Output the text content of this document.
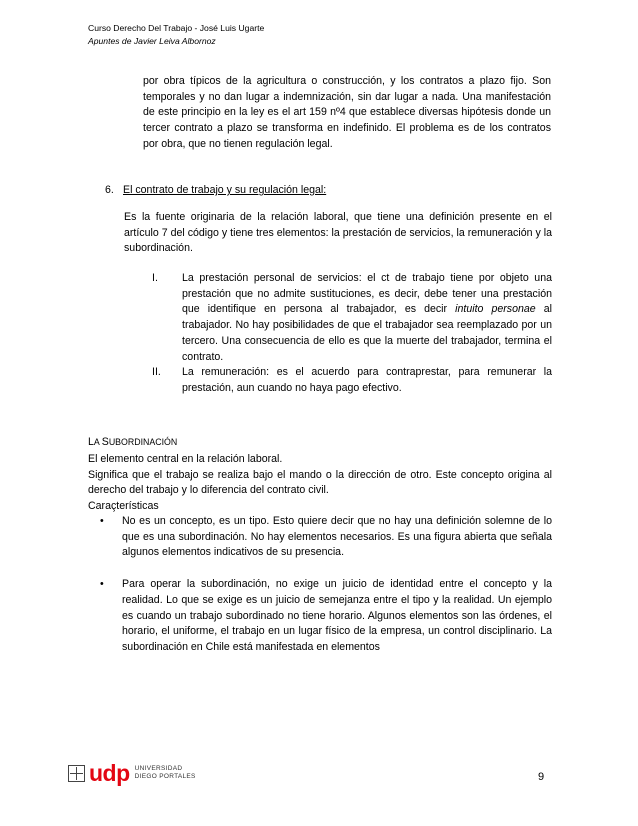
Curso Derecho Del Trabajo - José Luis Ugarte
Apuntes de Javier Leiva Albornoz
por obra típicos de la agricultura o construcción, y los contratos a plazo fijo. Son temporales y no dan lugar a indemnización, sin dar lugar a nada. Una manifestación de este principio en la ley es el art 159 nº4 que establece diversas hipótesis donde un tercer contrato a plazo se transforma en indefinido. El problema es de los contratos por obra, que no tienen regulación legal.
6. El contrato de trabajo y su regulación legal:
Es la fuente originaria de la relación laboral, que tiene una definición presente en el artículo 7 del código y tiene tres elementos: la prestación de servicios, la remuneración y la subordinación.
I.	La prestación personal de servicios: el ct de trabajo tiene por objeto una prestación que no admite sustituciones, es decir, debe tener una prestación que identifique en persona al trabajador, es decir intuito personae al trabajador. No hay posibilidades de que el trabajador sea reemplazado por un tercero. Una consecuencia de ello es que la muerte del trabajador, termina el contrato.
II.	La remuneración: es el acuerdo para contraprestar, para remunerar la prestación, aun cuando no haya pago efectivo.
LA SUBORDINACIÓN

El elemento central en la relación laboral.

Significa que el trabajo se realiza bajo el mando o la dirección de otro. Este concepto origina al derecho del trabajo y lo diferencia del contrato civil.

Caraçterísticas

•	No es un concepto, es un tipo. Esto quiere decir que no hay una definición solemne de lo que es una subordinación. No hay elementos necesarios. Es una figura abierta que señala algunos elementos indicativos de su presencia.
•	Para operar la subordinación, no exige un juicio de identidad entre el concepto y la realidad. Lo que se exige es un juicio de semejanza entre el tipo y la realidad. Un ejemplo es cuando un trabajo subordinado no tiene horario. Algunos elementos son las órdenes, el horario, el uniforme, el trabajo en un lugar físico de la empresa, un control disciplinario. La subordinación en Chile está manifestada en elementos
udp UNIVERSIDAD
DIEGO PORTALES	9
